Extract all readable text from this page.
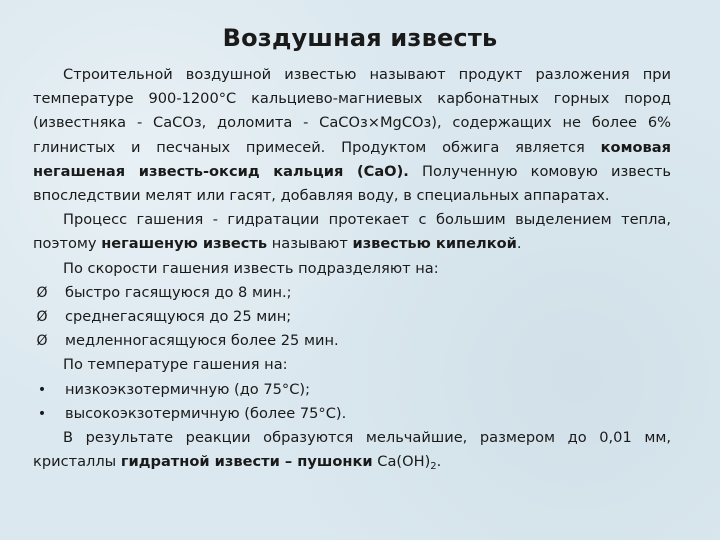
Воздушная известь

Строительной воздушной известью называют продукт разложения при температуре 900-1200°С кальциево-магниевых карбонатных горных пород (известняка - СаСОз, доломита - СаСОз×МgСОз), содержащих не более 6% глинистых и песчаных примесей. Продуктом обжига является комовая негашеная известь-оксид кальция (СаО). Полученную комовую известь впоследствии мелят или гасят, добавляя воду, в специальных аппаратах.

Процесс гашения - гидратации протекает с большим выделением тепла, поэтому негашеную известь называют известью кипелкой.

По скорости гашения известь подразделяют на:

Ø быстро гасящуюся до 8 мин.;
Ø среднегасящуюся до 25 мин;
Ø медленногасящуюся более 25 мин.

По температуре гашения на:

•	низкоэкзотермичную (до 75°С);
•	высокоэкзотермичную (более 75°С).

В результате реакции образуются мельчайшие, размером до 0,01 мм, кристаллы гидратной извести – пушонки $Са(ОН)_2$.
